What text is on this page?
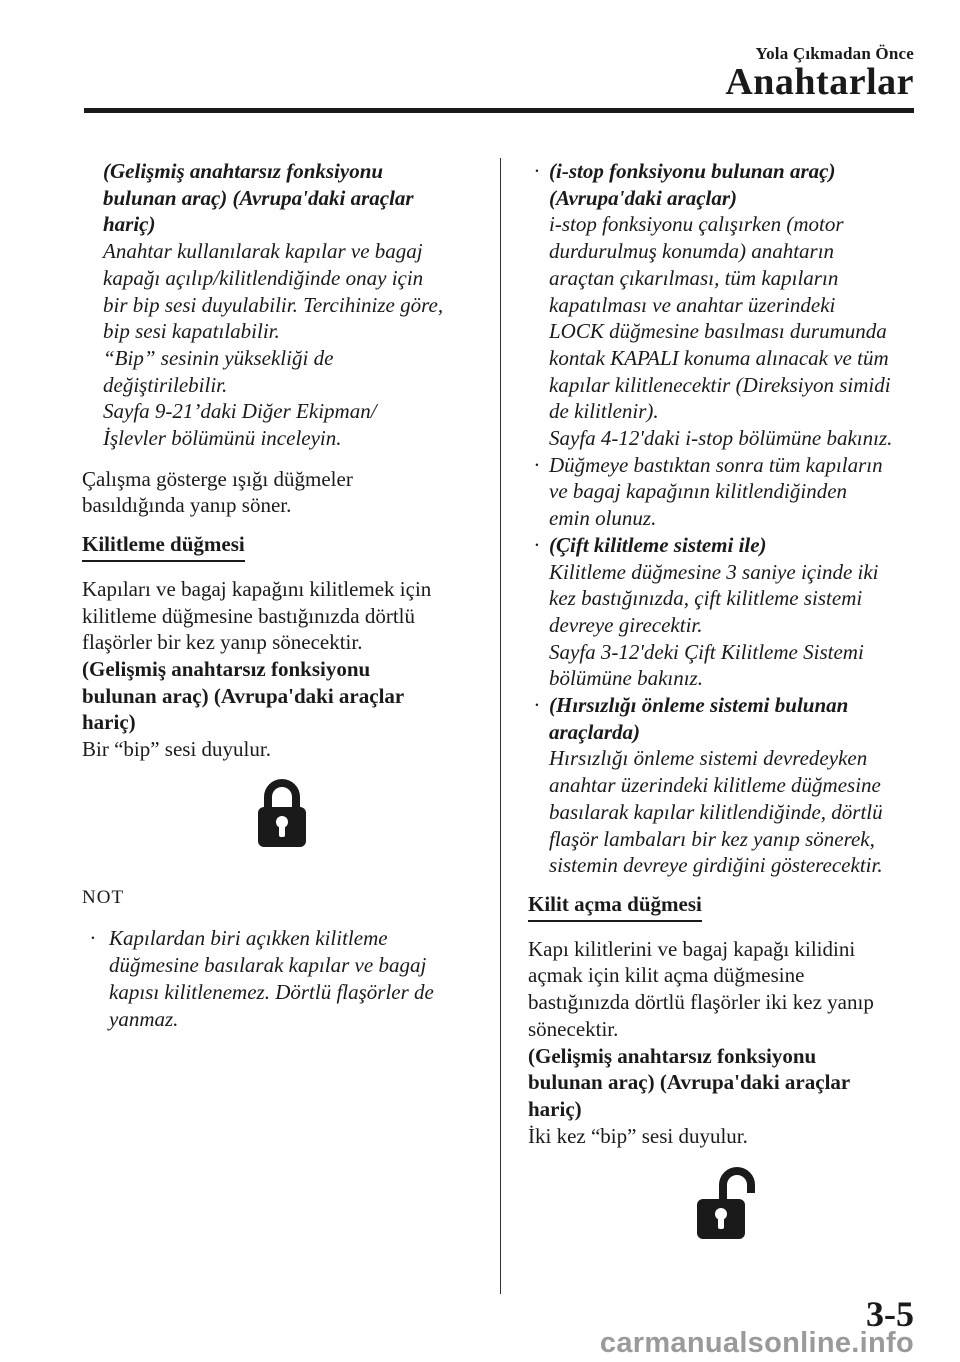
Yola Çıkmadan Önce
Anahtarlar

(Gelişmiş anahtarsız fonksiyonu

bulunan araç) (Avrupa'daki araçlar

hariç)

Anahtar kullanılarak kapılar ve bagaj

kapağı açılıp/kilitlendiğinde onay için

bir bip sesi duyulabilir. Tercihinize göre,

bip sesi kapatılabilir.

“Bip” sesinin yüksekliği de

değiştirilebilir.

Sayfa 9-21’daki Diğer Ekipman/

İşlevler bölümünü inceleyin.

Çalışma gösterge ışığı düğmeler

basıldığında yanıp söner.

Kilitleme düğmesi

Kapıları ve bagaj kapağını kilitlemek için

kilitleme düğmesine bastığınızda dörtlü

flaşörler bir kez yanıp sönecektir.

(Gelişmiş anahtarsız fonksiyonu

bulunan araç) (Avrupa'daki araçlar

hariç)

Bir “bip” sesi duyulur.

NOT

· Kapılardan biri açıkken kilitleme

düğmesine basılarak kapılar ve bagaj

kapısı kilitlenemez. Dörtlü flaşörler de

yanmaz.

· (i-stop fonksiyonu bulunan araç)

(Avrupa'daki araçlar)

i-stop fonksiyonu çalışırken (motor

durdurulmuş konumda) anahtarın

araçtan çıkarılması, tüm kapıların

kapatılması ve anahtar üzerindeki

LOCK düğmesine basılması durumunda

kontak KAPALI konuma alınacak ve tüm

kapılar kilitlenecektir (Direksiyon simidi

de kilitlenir).

Sayfa 4-12'daki i-stop bölümüne bakınız.

· Düğmeye bastıktan sonra tüm kapıların

ve bagaj kapağının kilitlendiğinden

emin olunuz.

· (Çift kilitleme sistemi ile)

Kilitleme düğmesine 3 saniye içinde iki

kez bastığınızda, çift kilitleme sistemi

devreye girecektir.

Sayfa 3-12'deki Çift Kilitleme Sistemi

bölümüne bakınız.

· (Hırsızlığı önleme sistemi bulunan

araçlarda)

Hırsızlığı önleme sistemi devredeyken

anahtar üzerindeki kilitleme düğmesine

basılarak kapılar kilitlendiğinde, dörtlü

flaşör lambaları bir kez yanıp sönerek,

sistemin devreye girdiğini gösterecektir.

Kilit açma düğmesi

Kapı kilitlerini ve bagaj kapağı kilidini

açmak için kilit açma düğmesine

bastığınızda dörtlü flaşörler iki kez yanıp

sönecektir.

(Gelişmiş anahtarsız fonksiyonu

bulunan araç) (Avrupa'daki araçlar

hariç)

İki kez “bip” sesi duyulur.

3-5
carmanualsonline.info
